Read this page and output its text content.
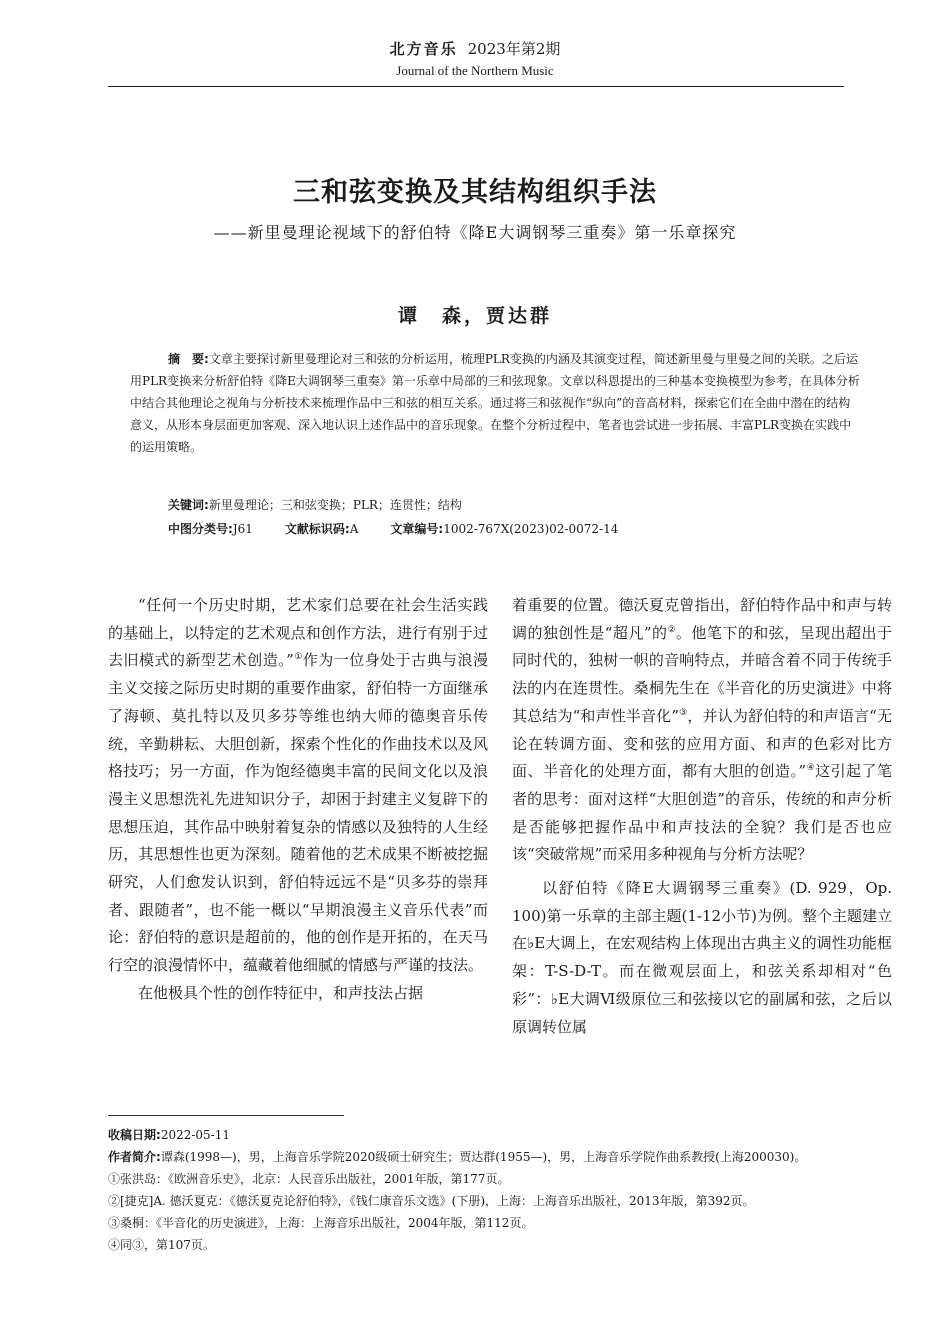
北方音乐 2023年第2期
Journal of the Northern Music
三和弦变换及其结构组织手法
——新里曼理论视域下的舒伯特《降E大调钢琴三重奏》第一乐章探究
谭　森，贾达群
摘　要:文章主要探讨新里曼理论对三和弦的分析运用，梳理PLR变换的内涵及其演变过程，简述新里曼与里曼之间的关联。之后运用PLR变换来分析舒伯特《降E大调钢琴三重奏》第一乐章中局部的三和弦现象。文章以科恩提出的三种基本变换模型为参考，在具体分析中结合其他理论之视角与分析技术来梳理作品中三和弦的相互关系。通过将三和弦视作“纵向”的音高材料，探索它们在全曲中潜在的结构意义，从形本身层面更加客观、深入地认识上述作品中的音乐现象。在整个分析过程中，笔者也尝试进一步拓展、丰富PLR变换在实践中的运用策略。
关键词:新里曼理论；三和弦变换；PLR；连贯性；结构
中图分类号:J61	文献标识码:A	文章编号:1002-767X(2023)02-0072-14

“任何一个历史时期，艺术家们总要在社会生活实践的基础上，以特定的艺术观点和创作方法，进行有别于过去旧模式的新型艺术创造。”①作为一位身处于古典与浪漫主义交接之际历史时期的重要作曲家，舒伯特一方面继承了海顿、莫扎特以及贝多芬等维也纳大师的德奥音乐传统，辛勤耕耘、大胆创新，探索个性化的作曲技术以及风格技巧；另一方面，作为饱经德奥丰富的民间文化以及浪漫主义思想洗礼先进知识分子，却困于封建主义复辟下的思想压迫，其作品中映射着复杂的情感以及独特的人生经历，其思想性也更为深刻。随着他的艺术成果不断被挖掘研究，人们愈发认识到，舒伯特远远不是“贝多芬的崇拜者、跟随者”，也不能一概以“早期浪漫主义音乐代表”而论：舒伯特的意识是超前的，他的创作是开拓的，在天马行空的浪漫情怀中，蕴藏着他细腻的情感与严谨的技法。

在他极具个性的创作特征中，和声技法占据

着重要的位置。德沃夏克曾指出，舒伯特作品中和声与转调的独创性是“超凡”的②。他笔下的和弦，呈现出超出于同时代的，独树一帜的音响特点，并暗含着不同于传统手法的内在连贯性。桑桐先生在《半音化的历史演进》中将其总结为“和声性半音化”③，并认为舒伯特的和声语言“无论在转调方面、变和弦的应用方面、和声的色彩对比方面、半音化的处理方面，都有大胆的创造。”④这引起了笔者的思考：面对这样“大胆创造”的音乐，传统的和声分析是否能够把握作品中和声技法的全貌？我们是否也应该“突破常规”而采用多种视角与分析方法呢？

以舒伯特《降E大调钢琴三重奏》(D. 929，Op. 100)第一乐章的主部主题(1-12小节)为例。整个主题建立在♭E大调上，在宏观结构上体现出古典主义的调性功能框架：T-S-D-T。而在微观层面上，和弦关系却相对“色彩”：♭E大调Ⅵ级原位三和弦接以它的副属和弦，之后以原调转位属

收稿日期:2022-05-11

作者简介:谭森(1998—)，男，上海音乐学院2020级硕士研究生；贾达群(1955—)，男，上海音乐学院作曲系教授(上海200030)。

①张洪岛：《欧洲音乐史》，北京：人民音乐出版社，2001年版，第177页。

②[捷克]A. 德沃夏克：《德沃夏克论舒伯特》，《钱仁康音乐文选》(下册)，上海：上海音乐出版社，2013年版，第392页。

③桑桐：《半音化的历史演进》，上海：上海音乐出版社，2004年版，第112页。

④同③，第107页。
